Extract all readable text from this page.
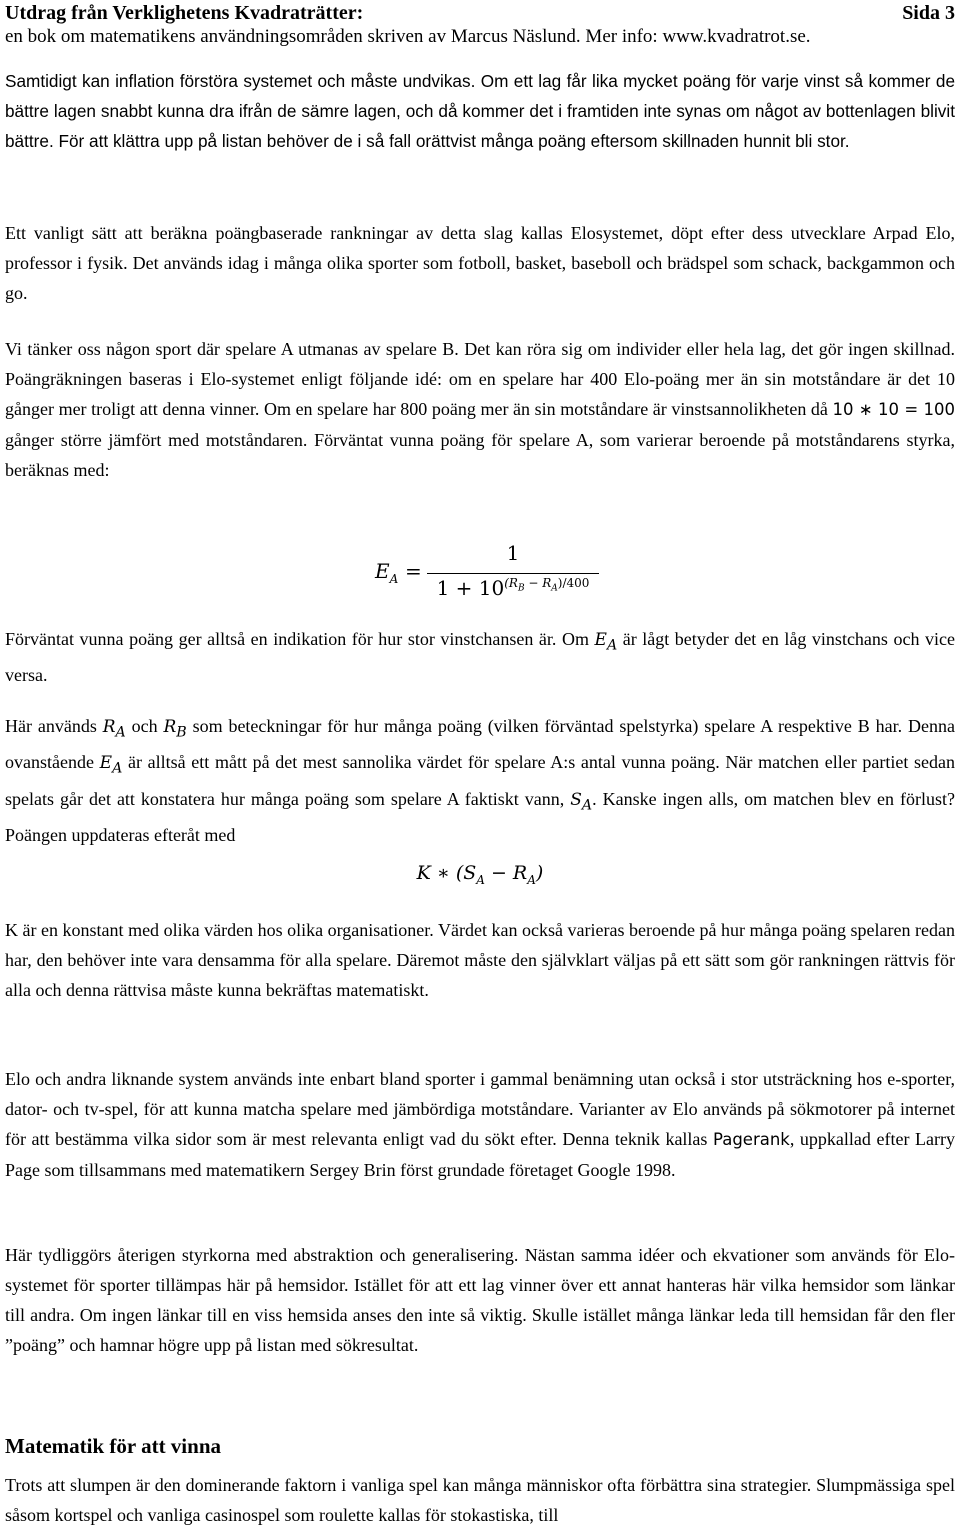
Utdrag från Verklighetens Kvadraträtter:	Sida 3
en bok om matematikens användningsområden skriven av Marcus Näslund. Mer info: www.kvadratrot.se.
Samtidigt kan inflation förstöra systemet och måste undvikas. Om ett lag får lika mycket poäng för varje vinst så kommer de bättre lagen snabbt kunna dra ifrån de sämre lagen, och då kommer det i framtiden inte synas om något av bottenlagen blivit bättre. För att klättra upp på listan behöver de i så fall orättvist många poäng eftersom skillnaden hunnit bli stor.
Ett vanligt sätt att beräkna poängbaserade rankningar av detta slag kallas Elosystemet, döpt efter dess utvecklare Arpad Elo, professor i fysik. Det används idag i många olika sporter som fotboll, basket, baseboll och brädspel som schack, backgammon och go.
Vi tänker oss någon sport där spelare A utmanas av spelare B. Det kan röra sig om individer eller hela lag, det gör ingen skillnad. Poängräkningen baseras i Elo-systemet enligt följande idé: om en spelare har 400 Elo-poäng mer än sin motståndare är det 10 gånger mer troligt att denna vinner. Om en spelare har 800 poäng mer än sin motståndare är vinstsannolikheten då 10 ∗ 10 = 100 gånger större jämfört med motståndaren. Förväntat vunna poäng för spelare A, som varierar beroende på motståndarens styrka, beräknas med:
$E_A$ =
1
$1 + 10^{(R_B - R_A)/400}$
Förväntat vunna poäng ger alltså en indikation för hur stor vinstchansen är. Om $E_A$ är lågt betyder det en låg vinstchans och vice versa.
Här används $R_A$ och $R_B$ som beteckningar för hur många poäng (vilken förväntad spelstyrka) spelare A respektive B har. Denna ovanstående $E_A$ är alltså ett mått på det mest sannolika värdet för spelare A:s antal vunna poäng. När matchen eller partiet sedan spelats går det att konstatera hur många poäng som spelare A faktiskt vann, $S_A$. Kanske ingen alls, om matchen blev en förlust? Poängen uppdateras efteråt med
K ∗ $(S_A - R_A)$
K är en konstant med olika värden hos olika organisationer. Värdet kan också varieras beroende på hur många poäng spelaren redan har, den behöver inte vara densamma för alla spelare. Däremot måste den självklart väljas på ett sätt som gör rankningen rättvis för alla och denna rättvisa måste kunna bekräftas matematiskt.
Elo och andra liknande system används inte enbart bland sporter i gammal benämning utan också i stor utsträckning hos e-sporter, dator- och tv-spel, för att kunna matcha spelare med jämbördiga motståndare. Varianter av Elo används på sökmotorer på internet för att bestämma vilka sidor som är mest relevanta enligt vad du sökt efter. Denna teknik kallas Pagerank, uppkallad efter Larry Page som tillsammans med matematikern Sergey Brin först grundade företaget Google 1998.
Här tydliggörs återigen styrkorna med abstraktion och generalisering. Nästan samma idéer och ekvationer som används för Elo-systemet för sporter tillämpas här på hemsidor. Istället för att ett lag vinner över ett annat hanteras här vilka hemsidor som länkar till andra. Om ingen länkar till en viss hemsida anses den inte så viktig. Skulle istället många länkar leda till hemsidan får den fler ”poäng” och hamnar högre upp på listan med sökresultat.
Matematik för att vinna
Trots att slumpen är den dominerande faktorn i vanliga spel kan många människor ofta förbättra sina strategier. Slumpmässiga spel såsom kortspel och vanliga casinospel som roulette kallas för stokastiska, till
